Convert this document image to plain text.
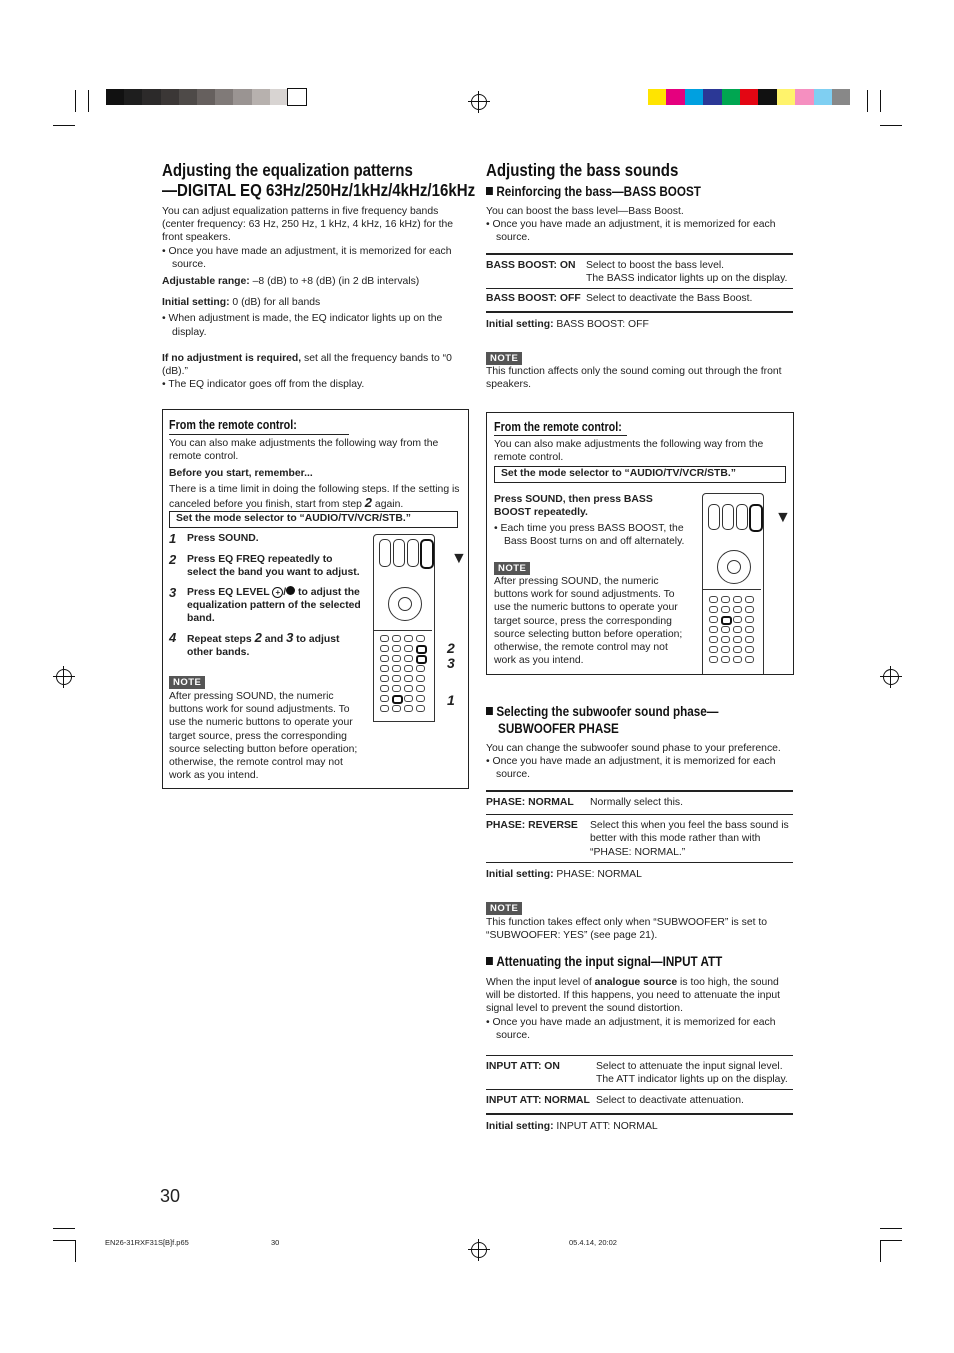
Adjusting the equalization patterns
—DIGITAL EQ 63Hz/250Hz/1kHz/4kHz/16kHz
You can adjust equalization patterns in five frequency bands (center frequency: 63 Hz, 250 Hz, 1 kHz, 4 kHz, 16 kHz) for the front speakers.
• Once you have made an adjustment, it is memorized for each source.
Adjustable range: –8 (dB) to +8 (dB) (in 2 dB intervals)
Initial setting: 0 (dB) for all bands
• When adjustment is made, the EQ indicator lights up on the display.
If no adjustment is required, set all the frequency bands to “0 (dB).”
• The EQ indicator goes off from the display.
From the remote control:
You can also make adjustments the following way from the remote control.
Before you start, remember...
There is a time limit in doing the following steps. If the setting is canceled before you finish, start from step 2 again.
Set the mode selector to “AUDIO/TV/VCR/STB.”
1	Press SOUND.
2	Press EQ FREQ repeatedly to select the band you want to adjust.
3	Press EQ LEVEL + / to adjust the equalization pattern of the selected band.
4	Repeat steps 2 and 3 to adjust other bands.
NOTE
After pressing SOUND, the numeric buttons work for sound adjustments. To use the numeric buttons to operate your target source, press the corresponding source selecting button before operation; otherwise, the remote control may not work as you intend.
▼
2
3
1
Adjusting the bass sounds
Reinforcing the bass—BASS BOOST
You can boost the bass level—Bass Boost.
• Once you have made an adjustment, it is memorized for each source.
BASS BOOST: ON	Select to boost the bass level.
The BASS indicator lights up on the display.
BASS BOOST: OFF Select to deactivate the Bass Boost.
Initial setting: BASS BOOST: OFF
NOTE
This function affects only the sound coming out through the front speakers.
From the remote control:
You can also make adjustments the following way from the remote control.
Set the mode selector to “AUDIO/TV/VCR/STB.”
Press SOUND, then press BASS BOOST repeatedly.
• Each time you press BASS BOOST, the Bass Boost turns on and off alternately.
NOTE
After pressing SOUND, the numeric buttons work for sound adjustments. To use the numeric buttons to operate your target source, press the corresponding source selecting button before operation; otherwise, the remote control may not work as you intend.
▼
Selecting the subwoofer sound phase—
SUBWOOFER PHASE
You can change the subwoofer sound phase to your preference.
• Once you have made an adjustment, it is memorized for each source.
PHASE: NORMAL	Normally select this.
PHASE: REVERSE	Select this when you feel the bass sound is better with this mode rather than with “PHASE: NORMAL.”
Initial setting: PHASE: NORMAL
NOTE
This function takes effect only when “SUBWOOFER” is set to “SUBWOOFER: YES” (see page 21).
Attenuating the input signal—INPUT ATT
When the input level of analogue source is too high, the sound will be distorted. If this happens, you need to attenuate the input signal level to prevent the sound distortion.
• Once you have made an adjustment, it is memorized for each source.
INPUT ATT: ON	Select to attenuate the input signal level.
The ATT indicator lights up on the display.
INPUT ATT: NORMAL Select to deactivate attenuation.
Initial setting: INPUT ATT: NORMAL
30
EN26-31RXF31S[B]f.p65	30	05.4.14, 20:02
